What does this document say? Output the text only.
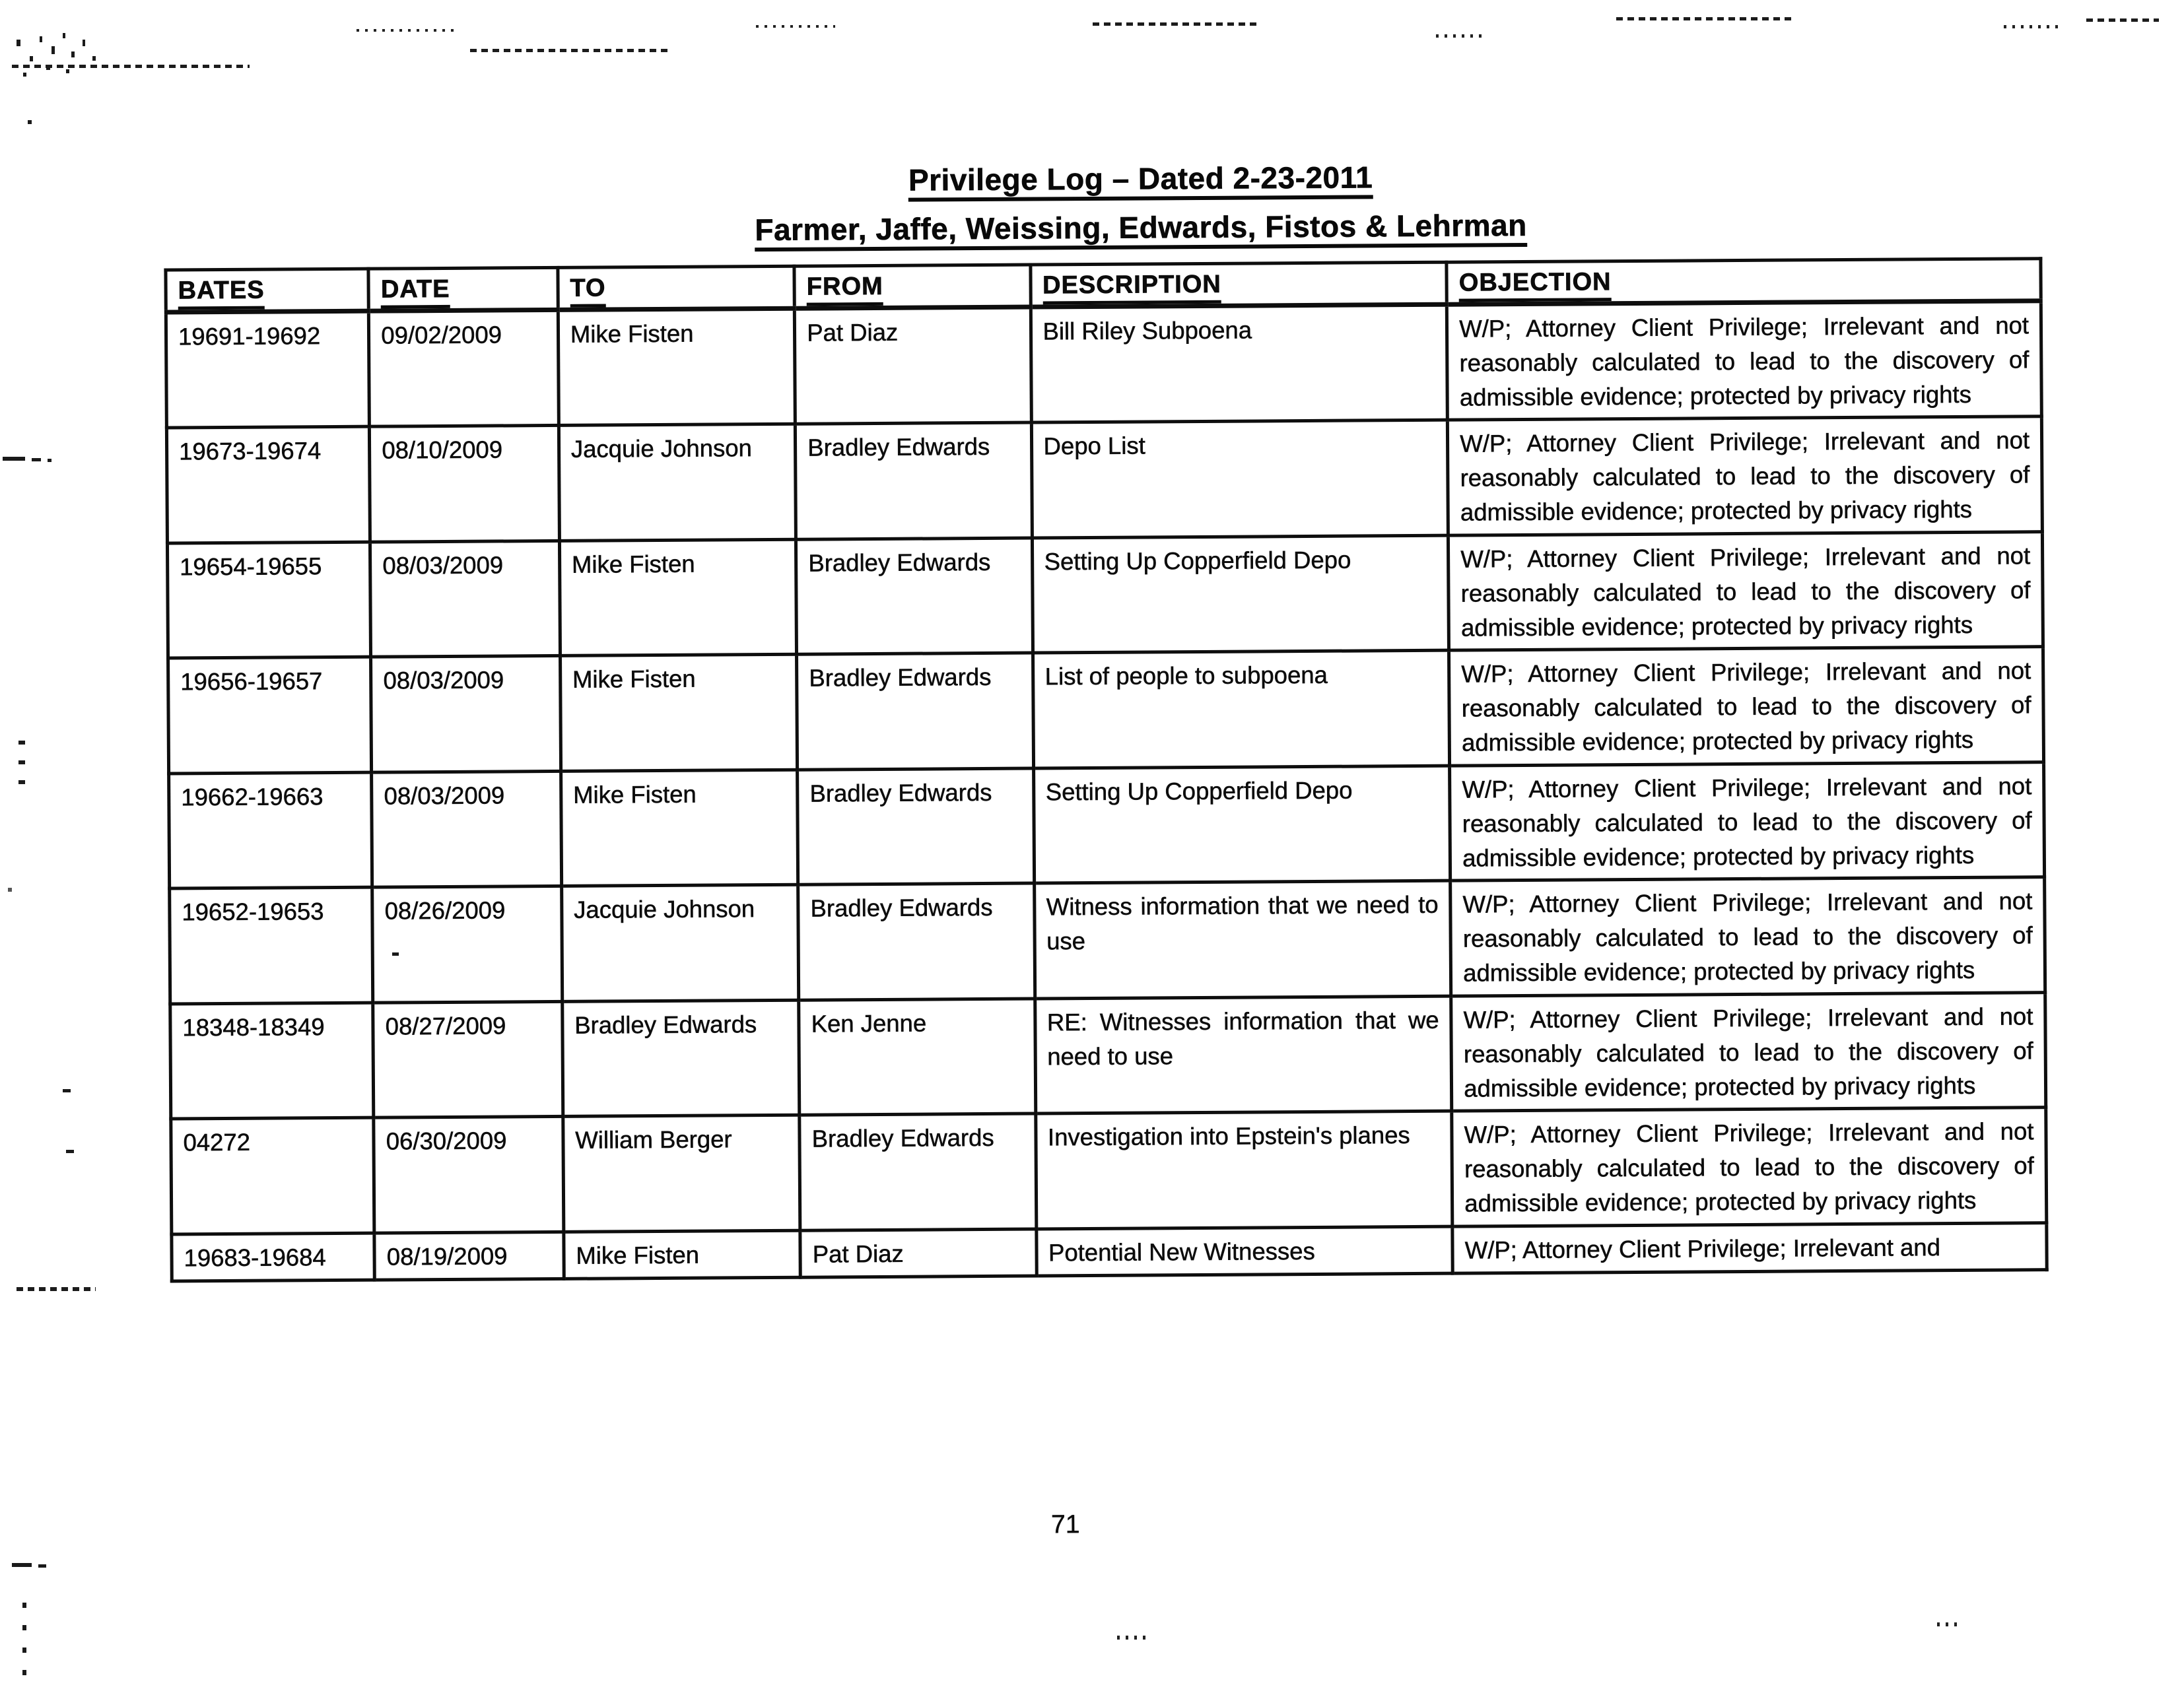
Privilege Log – Dated 2-23-2011
Farmer, Jaffe, Weissing, Edwards, Fistos & Lehrman
BATES	DATE	TO	FROM	DESCRIPTION	OBJECTION
19691-19692	09/02/2009	Mike Fisten	Pat Diaz	Bill Riley Subpoena	W/P; Attorney Client Privilege; Irrelevant and not reasonably calculated to lead to the discovery of admissible evidence; protected by privacy rights
19673-19674	08/10/2009	Jacquie Johnson	Bradley Edwards	Depo List	W/P; Attorney Client Privilege; Irrelevant and not reasonably calculated to lead to the discovery of admissible evidence; protected by privacy rights
19654-19655	08/03/2009	Mike Fisten	Bradley Edwards	Setting Up Copperfield Depo	W/P; Attorney Client Privilege; Irrelevant and not reasonably calculated to lead to the discovery of admissible evidence; protected by privacy rights
19656-19657	08/03/2009	Mike Fisten	Bradley Edwards	List of people to subpoena	W/P; Attorney Client Privilege; Irrelevant and not reasonably calculated to lead to the discovery of admissible evidence; protected by privacy rights
19662-19663	08/03/2009	Mike Fisten	Bradley Edwards	Setting Up Copperfield Depo	W/P; Attorney Client Privilege; Irrelevant and not reasonably calculated to lead to the discovery of admissible evidence; protected by privacy rights
19652-19653	08/26/2009	Jacquie Johnson	Bradley Edwards	Witness information that we need to use	W/P; Attorney Client Privilege; Irrelevant and not reasonably calculated to lead to the discovery of admissible evidence; protected by privacy rights
18348-18349	08/27/2009	Bradley Edwards	Ken Jenne	RE: Witnesses information that we need to use	W/P; Attorney Client Privilege; Irrelevant and not reasonably calculated to lead to the discovery of admissible evidence; protected by privacy rights
04272	06/30/2009	William Berger	Bradley Edwards	Investigation into Epstein's planes	W/P; Attorney Client Privilege; Irrelevant and not reasonably calculated to lead to the discovery of admissible evidence; protected by privacy rights
19683-19684	08/19/2009	Mike Fisten	Pat Diaz	Potential New Witnesses	W/P; Attorney Client Privilege; Irrelevant and
71
